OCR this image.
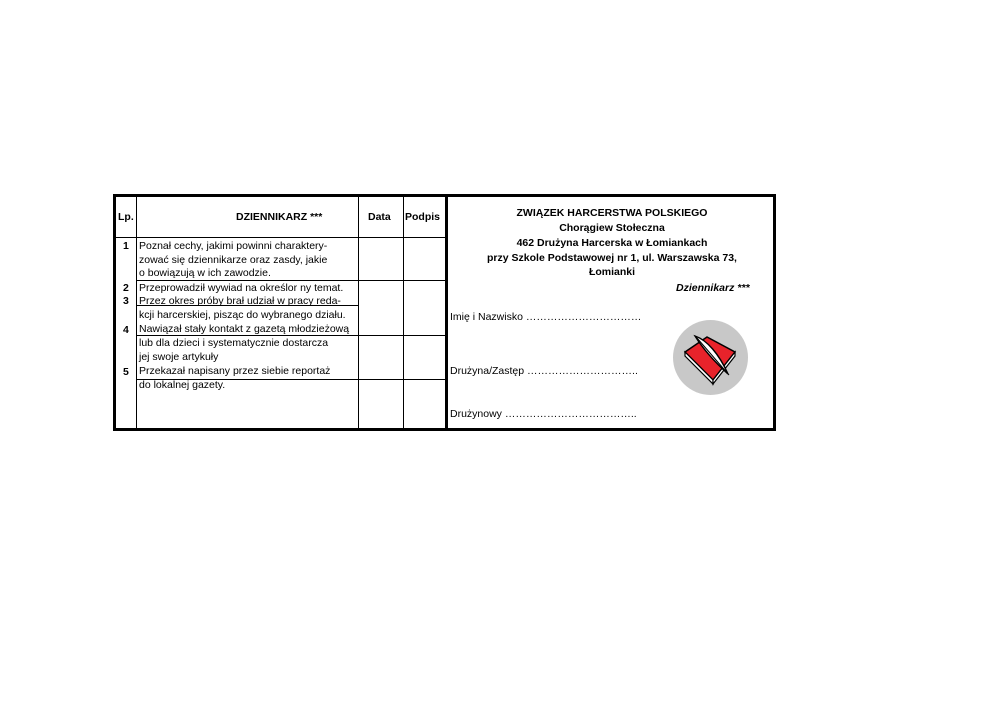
Lp.	DZIENNIKARZ ***	Data Podpis
1
2
3
4
5
Poznał cechy, jakimi powinni charaktery-
zować się dziennikarze oraz zasdy, jakie
o bowiązują w ich zawodzie.
Przeprowadził wywiad na określor ny temat.
Przez okres próby brał udział w pracy reda-
kcji harcerskiej, pisząc do wybranego działu.
Nawiązał stały kontakt z gazetą młodzieżową
lub dla dzieci i systematycznie dostarcza
jej swoje artykuły
Przekazał napisany przez siebie reportaż
do lokalnej gazety.
ZWIĄZEK HARCERSTWA POLSKIEGO
Chorągiew Stołeczna
462 Drużyna Harcerska w Łomiankach
przy Szkole Podstawowej nr 1, ul. Warszawska 73,
Łomianki
Dziennikarz ***
Imię i Nazwisko ……………………………
Drużyna/Zastęp …………………………..
Drużynowy ………………………………..
